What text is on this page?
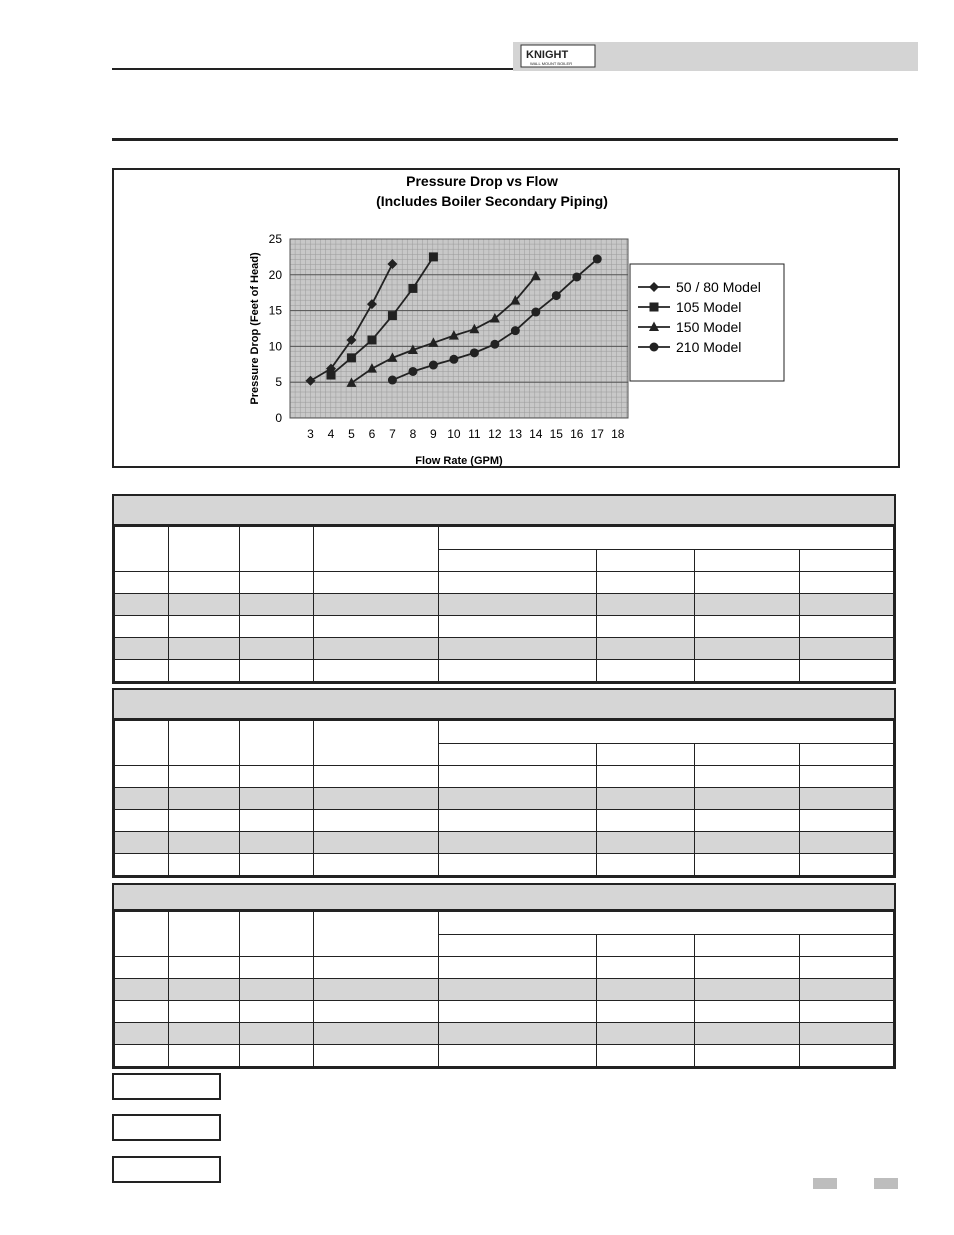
KNIGHT
WALL MOUNT BOILER
Pressure Drop vs Flow
(Includes Boiler Secondary Piping)
0
5
10
15
20
25
3 4 5 6 7 8 9 10 11 12 13 14 15 16 17 18
Flow Rate (GPM)
Pressure Drop (Feet of Head)	50 / 80 Model
105 Model
150 Model
210 Model
